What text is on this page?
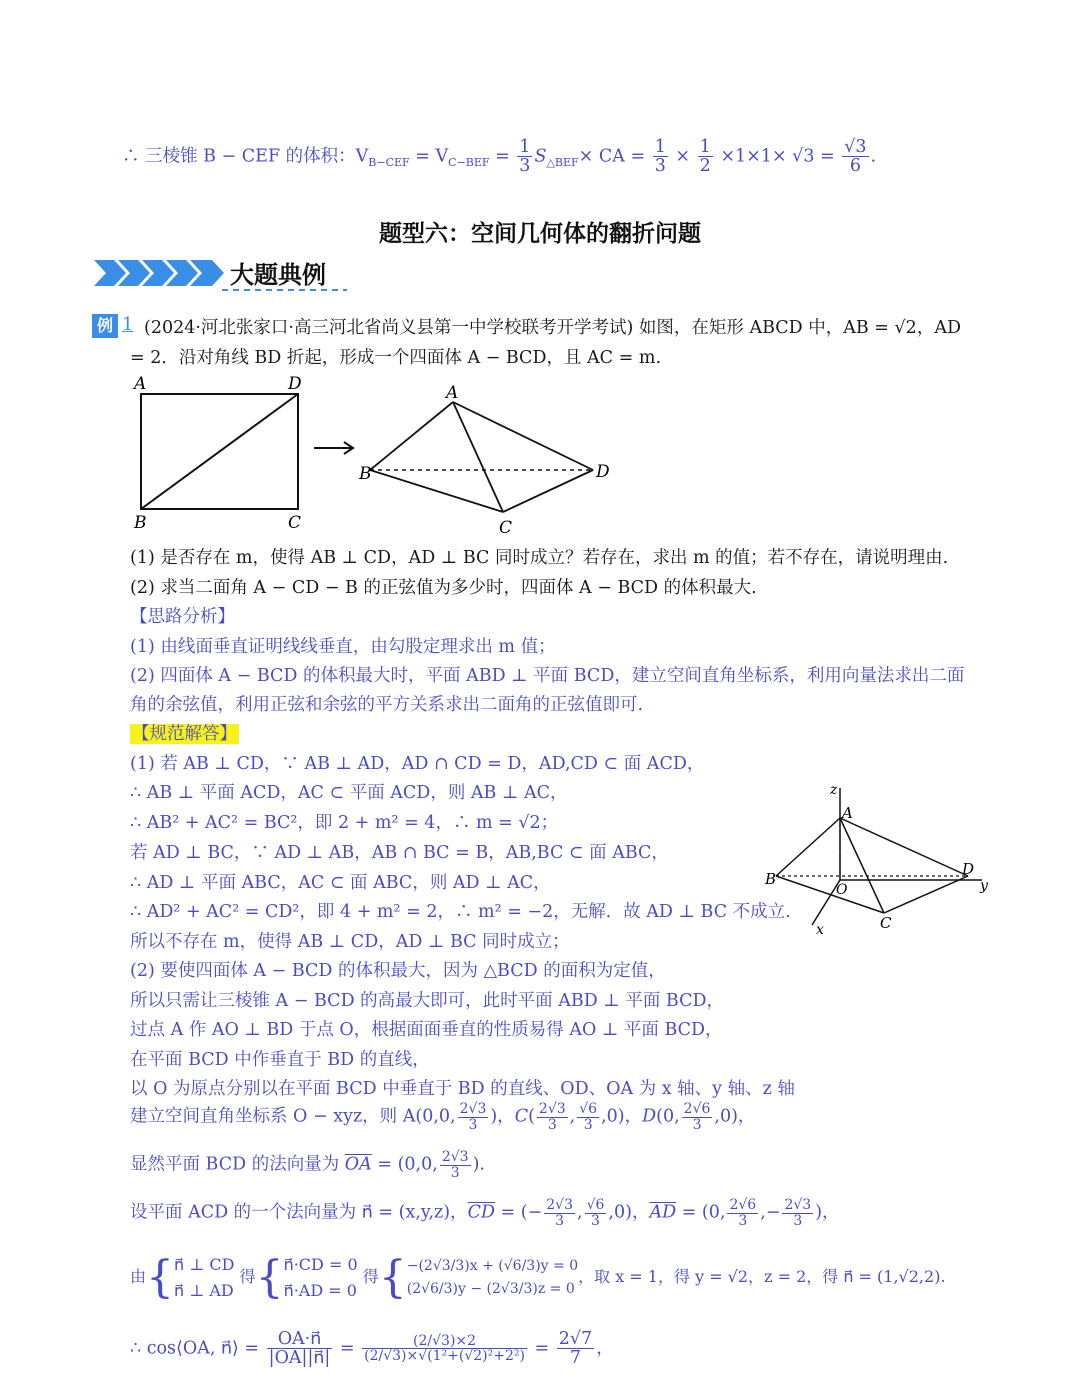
∴ 三棱锥 B − CEF 的体积：$V_{B-CEF} = V_{C-BEF} = \frac{1}{3} S_{\triangle BEF}\times$ CA = $\frac{1}{3} \times \frac{1}{2} \times 1\times 1\times √3 = \frac{√3}{6}$ .
题型六：空间几何体的翻折问题
大题典例
例 1 (2024·河北张家口·高三河北省尚义县第一中学校联考开学考试) 如图，在矩形 ABCD 中，AB = √2，AD
= 2．沿对角线 BD 折起，形成一个四面体 A − BCD，且 AC = m.
A	D
B	C
A
B	D
C
(1) 是否存在 m，使得 AB ⊥ CD，AD ⊥ BC 同时成立？若存在，求出 m 的值；若不存在，请说明理由.
(2) 求当二面角 A − CD − B 的正弦值为多少时，四面体 A − BCD 的体积最大.
【思路分析】
(1) 由线面垂直证明线线垂直，由勾股定理求出 m 值；
(2) 四面体 A − BCD 的体积最大时，平面 ABD ⊥ 平面 BCD，建立空间直角坐标系，利用向量法求出二面
角的余弦值，利用正弦和余弦的平方关系求出二面角的正弦值即可.
【规范解答】
(1) 若 AB ⊥ CD，∵ AB ⊥ AD，AD ∩ CD = D，AD,CD ⊂ 面 ACD，
∴ AB ⊥ 平面 ACD，AC ⊂ 平面 ACD，则 AB ⊥ AC，
∴ AB² + AC² = BC²，即 2 + m² = 4，∴ m = √2；
若 AD ⊥ BC，∵ AD ⊥ AB，AB ∩ BC = B，AB,BC ⊂ 面 ABC，
∴ AD ⊥ 平面 ABC，AC ⊂ 面 ABC，则 AD ⊥ AC，
∴ AD² + AC² = CD²，即 4 + m² = 2，∴ m² = −2，无解．故 AD ⊥ BC 不成立.
所以不存在 m，使得 AB ⊥ CD，AD ⊥ BC 同时成立；
(2) 要使四面体 A − BCD 的体积最大，因为 △BCD 的面积为定值，
所以只需让三棱锥 A − BCD 的高最大即可，此时平面 ABD ⊥ 平面 BCD，
过点 A 作 AO ⊥ BD 于点 O，根据面面垂直的性质易得 AO ⊥ 平面 BCD，
在平面 BCD 中作垂直于 BD 的直线，
以 O 为原点分别以在平面 BCD 中垂直于 BD 的直线、OD、OA 为 x 轴、y 轴、z 轴
z
A
B
O
D
y
x	C
建立空间直角坐标系 O − xyz，则 A(0,0, $\frac{2√3}{3}$ )，$C( \frac{2√3}{3}$ , $\frac{√6}{3} ,0$)，D(0, $\frac{2√6}{3} ,0$)，
显然平面 BCD 的法向量为 $\overline{OA} = (0,0$, $\frac{2√3}{3}$ ).
设平面 ACD 的一个法向量为 n⃗ = (x,y,z)，$\overline{CD}$ = (− $\frac{2√3}{3}$ , $\frac{√6}{3} ,0$)，$\overline{AD} = (0$, $\frac{2√6}{3}$ ,− $\frac{2√3}{3}$ )，
由{ n⃗ ⊥ CD
n⃗ ⊥ AD
得{ n⃗·CD = 0
n⃗·AD = 0
得{ −(2√3/3)x + (√6/3)y = 0
(2√6/3)y − (2√3/3)z = 0
，取 x = 1，得 y = √2，z = 2，得 n⃗ = (1,√2,2).
∴ cos⟨OA, n⃗⟩ = $\frac{OA\cdot n⃗}{|OA||n⃗|} = \frac{(2/√3)\times 2}{\text{(2/√3)×√(1²+(√2)²+2²)}} = \frac{2√7}{7}$ ，
